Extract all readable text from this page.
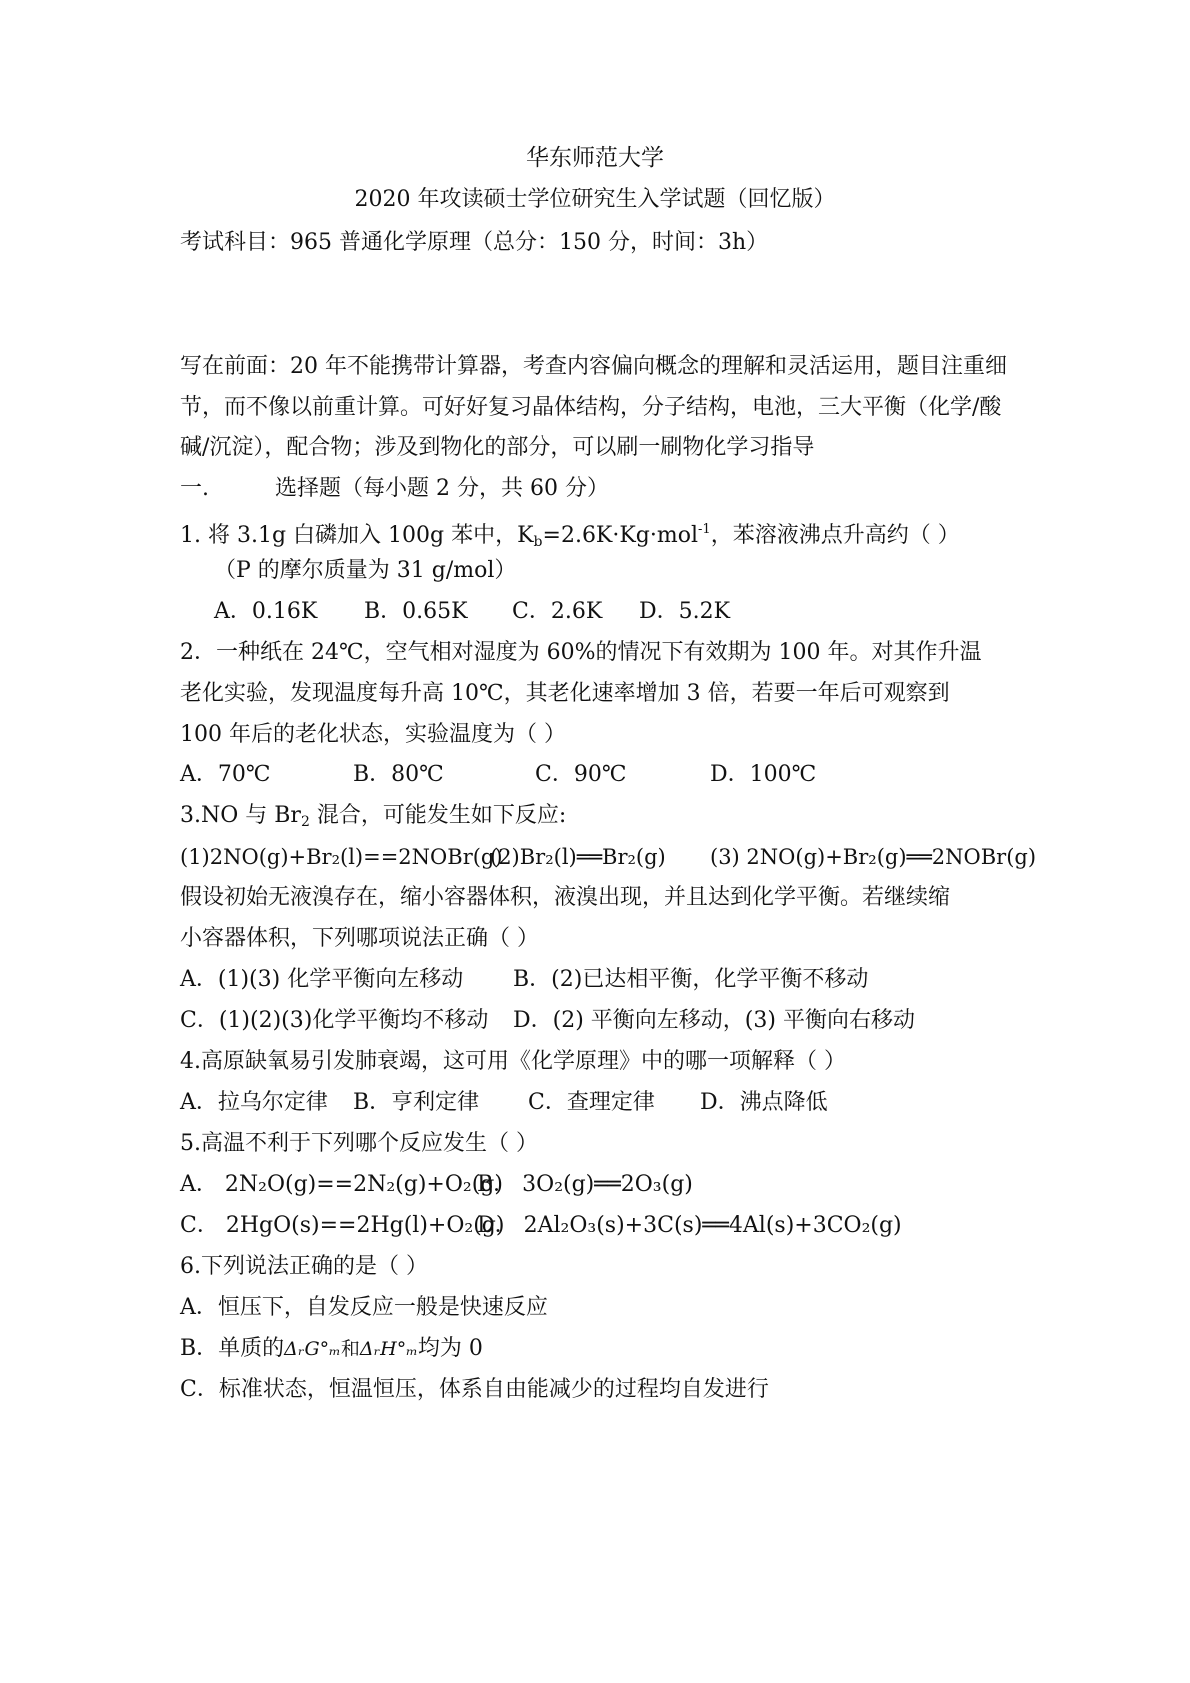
华东师范大学
2020 年攻读硕士学位研究生入学试题（回忆版）
考试科目：965 普通化学原理（总分：150 分，时间：3h）
写在前面：20 年不能携带计算器，考查内容偏向概念的理解和灵活运用，题目注重细
节，而不像以前重计算。可好好复习晶体结构，分子结构，电池，三大平衡（化学/酸
碱/沉淀），配合物；涉及到物化的部分，可以刷一刷物化学习指导
一.	选择题（每小题 2 分，共 60 分）
1. 将 3.1g 白磷加入 100g 苯中，$K_b=2.6K\cdot Kg\cdot mol^{-1}$，苯溶液沸点升高约（ ）
（P 的摩尔质量为 31 g/mol）
A．0.16K B．0.65K C．2.6K D．5.2K
2．一种纸在 24℃，空气相对湿度为 60%的情况下有效期为 100 年。对其作升温
老化实验，发现温度每升高 10℃，其老化速率增加 3 倍，若要一年后可观察到
100 年后的老化状态，实验温度为（ ）
A．70℃	B．80℃	C．90℃	D．100℃
3.NO 与 $Br_2$ 混合，可能发生如下反应:
(1)2NO(g)+Br₂(l)==2NOBr(g)
(2)Br₂(l)══Br₂(g) (3) 2NO(g)+Br₂(g)══2NOBr(g)
假设初始无液溴存在，缩小容器体积，液溴出现，并且达到化学平衡。若继续缩
小容器体积，下列哪项说法正确（ ）
A．(1)(3) 化学平衡向左移动 B．(2)已达相平衡，化学平衡不移动
C．(1)(2)(3)化学平衡均不移动 D．(2) 平衡向左移动，(3) 平衡向右移动
4.高原缺氧易引发肺衰竭，这可用《化学原理》中的哪一项解释（ ）
A．拉乌尔定律 B．亨利定律 C．查理定律 D．沸点降低
5.高温不利于下列哪个反应发生（ ）
A． 2N₂O(g)==2N₂(g)+O₂(g)
B． 3O₂(g)══2O₃(g)
C． 2HgO(s)==2Hg(l)+O₂(g)
D． 2Al₂O₃(s)+3C(s)══4Al(s)+3CO₂(g)
6.下列说法正确的是（ ）
A．恒压下，自发反应一般是快速反应
B．单质的ΔᵣG°ₘ和ΔᵣH°ₘ均为 0
C．标准状态，恒温恒压，体系自由能减少的过程均自发进行
